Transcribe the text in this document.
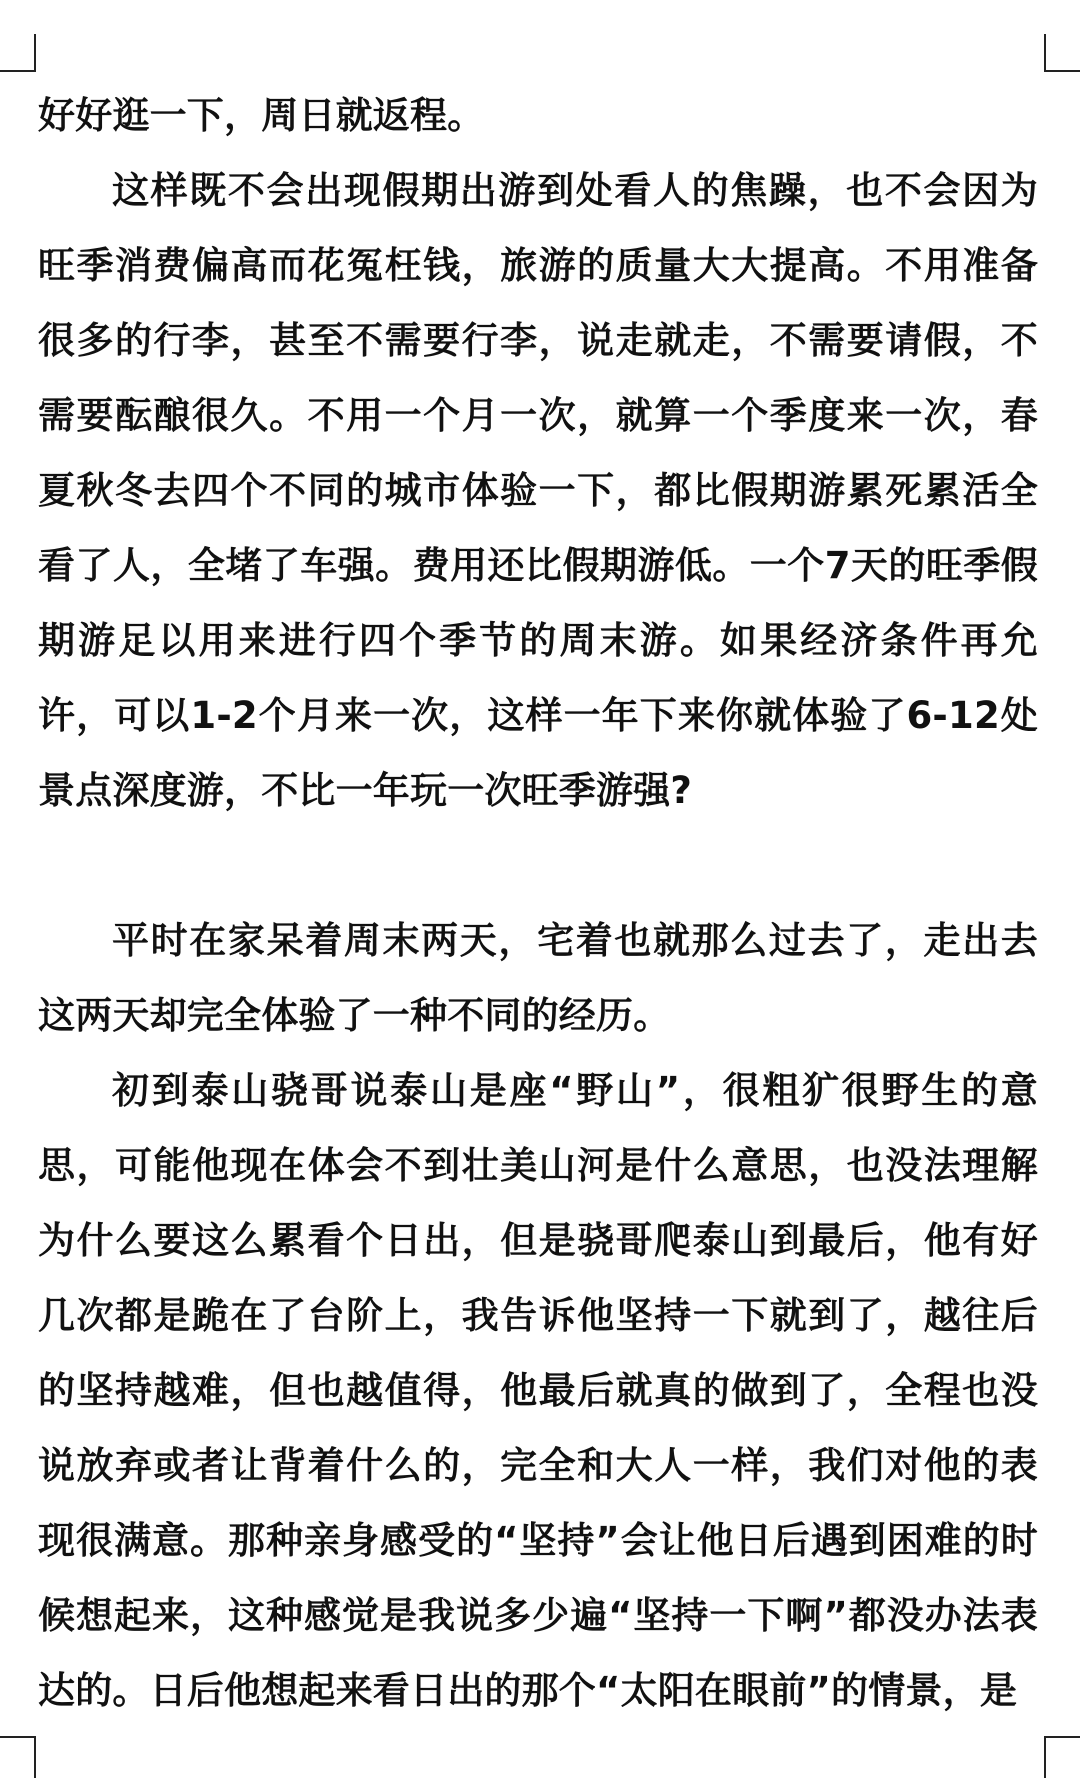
好好逛一下，周日就返程。

这样既不会出现假期出游到处看人的焦躁，也不会因为旺季消费偏高而花冤枉钱，旅游的质量大大提高。不用准备很多的行李，甚至不需要行李，说走就走，不需要请假，不需要酝酿很久。不用一个月一次，就算一个季度来一次，春夏秋冬去四个不同的城市体验一下，都比假期游累死累活全看了人，全堵了车强。费用还比假期游低。一个7天的旺季假期游足以用来进行四个季节的周末游。如果经济条件再允许，可以1-2个月来一次，这样一年下来你就体验了6-12处景点深度游，不比一年玩一次旺季游强?

平时在家呆着周末两天，宅着也就那么过去了，走出去这两天却完全体验了一种不同的经历。

初到泰山骁哥说泰山是座“野山”，很粗犷很野生的意思，可能他现在体会不到壮美山河是什么意思，也没法理解为什么要这么累看个日出，但是骁哥爬泰山到最后，他有好几次都是跪在了台阶上，我告诉他坚持一下就到了，越往后的坚持越难，但也越值得，他最后就真的做到了，全程也没说放弃或者让背着什么的，完全和大人一样，我们对他的表现很满意。那种亲身感受的“坚持”会让他日后遇到困难的时候想起来，这种感觉是我说多少遍“坚持一下啊”都没办法表达的。日后他想起来看日出的那个“太阳在眼前”的情景，是
